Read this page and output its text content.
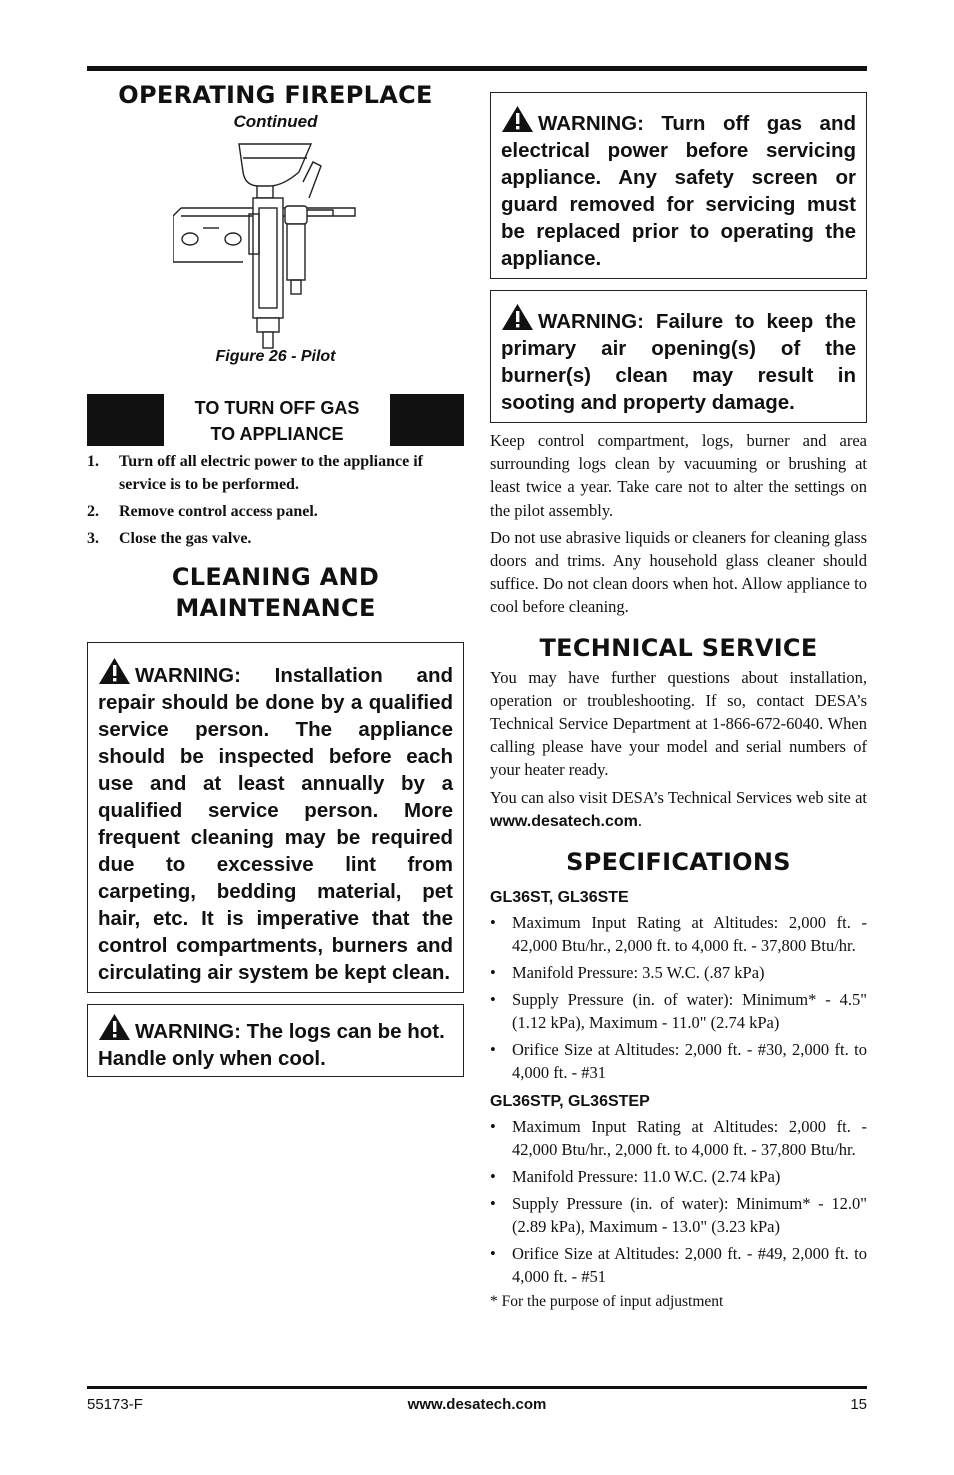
OPERATING FIREPLACE
Continued
Figure 26 - Pilot
TO TURN OFF GAS
TO APPLIANCE
1.	Turn off all electric power to the appliance if service is to be performed.
2.	Remove control access panel.
3.	Close the gas valve.
CLEANING AND
MAINTENANCE
WARNING: Installation and repair should be done by a qualified service person. The appliance should be inspected before each use and at least annually by a qualified service person. More frequent cleaning may be required due to excessive lint from carpeting, bedding material, pet hair, etc. It is imperative that the control compartments, burners and circulating air system be kept clean.
WARNING: The logs can be hot. Handle only when cool.
WARNING: Turn off gas and electrical power before servicing appliance. Any safety screen or guard removed for servicing must be replaced prior to operating the appliance.
WARNING: Failure to keep the primary air opening(s) of the burner(s) clean may result in sooting and property damage.

Keep control compartment, logs, burner and area surrounding logs clean by vacuuming or brushing at least twice a year. Take care not to alter the settings on the pilot assembly.

Do not use abrasive liquids or cleaners for cleaning glass doors and trims. Any household glass cleaner should suffice. Do not clean doors when hot. Allow appliance to cool before cleaning.

TECHNICAL SERVICE

You may have further questions about installation, operation or troubleshooting. If so, contact DESA’s Technical Service Department at 1-866-672-6040. When calling please have your model and serial numbers of your heater ready.

You can also visit DESA’s Technical Services web site at www.desatech.com.

SPECIFICATIONS
GL36ST, GL36STE
• Maximum Input Rating at Altitudes: 2,000 ft. - 42,000 Btu/hr., 2,000 ft. to 4,000 ft. - 37,800 Btu/hr.
• Manifold Pressure: 3.5 W.C. (.87 kPa)
• Supply Pressure (in. of water): Minimum* - 4.5" (1.12 kPa), Maximum - 11.0" (2.74 kPa)
• Orifice Size at Altitudes: 2,000 ft. - #30, 2,000 ft. to 4,000 ft. - #31
GL36STP, GL36STEP
• Maximum Input Rating at Altitudes: 2,000 ft. - 42,000 Btu/hr., 2,000 ft. to 4,000 ft. - 37,800 Btu/hr.
• Manifold Pressure: 11.0 W.C. (2.74 kPa)
• Supply Pressure (in. of water): Minimum* - 12.0" (2.89 kPa), Maximum - 13.0" (3.23 kPa)
• Orifice Size at Altitudes: 2,000 ft. - #49, 2,000 ft. to 4,000 ft. - #51
* For the purpose of input adjustment
55173-F	www.desatech.com	15
